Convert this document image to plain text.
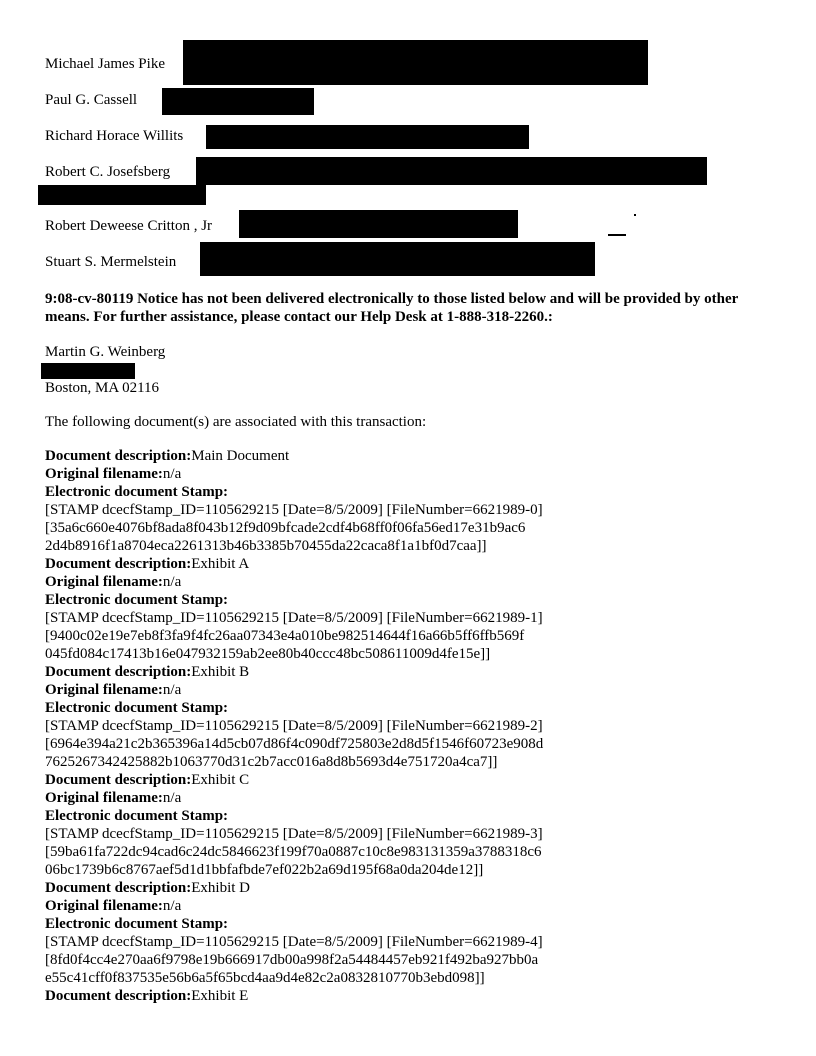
Michael James Pike
Paul G. Cassell
Richard Horace Willits
Robert C. Josefsberg
Robert Deweese Critton , Jr
Stuart S. Mermelstein
9:08-cv-80119 Notice has not been delivered electronically to those listed below and will be provided by other means. For further assistance, please contact our Help Desk at 1-888-318-2260.:
Martin G. Weinberg
Boston, MA 02116
The following document(s) are associated with this transaction:
Document description:Main Document
Original filename:n/a
Electronic document Stamp:
[STAMP dcecfStamp_ID=1105629215 [Date=8/5/2009] [FileNumber=6621989-0]
[35a6c660e4076bf8ada8f043b12f9d09bfcade2cdf4b68ff0f06fa56ed17e31b9ac6
2d4b8916f1a8704eca2261313b46b3385b70455da22caca8f1a1bf0d7caa]]
Document description:Exhibit A
Original filename:n/a
Electronic document Stamp:
[STAMP dcecfStamp_ID=1105629215 [Date=8/5/2009] [FileNumber=6621989-1]
[9400c02e19e7eb8f3fa9f4fc26aa07343e4a010be982514644f16a66b5ff6ffb569f
045fd084c17413b16e047932159ab2ee80b40ccc48bc508611009d4fe15e]]
Document description:Exhibit B
Original filename:n/a
Electronic document Stamp:
[STAMP dcecfStamp_ID=1105629215 [Date=8/5/2009] [FileNumber=6621989-2]
[6964e394a21c2b365396a14d5cb07d86f4c090df725803e2d8d5f1546f60723e908d
7625267342425882b1063770d31c2b7acc016a8d8b5693d4e751720a4ca7]]
Document description:Exhibit C
Original filename:n/a
Electronic document Stamp:
[STAMP dcecfStamp_ID=1105629215 [Date=8/5/2009] [FileNumber=6621989-3]
[59ba61fa722dc94cad6c24dc5846623f199f70a0887c10c8e983131359a3788318c6
06bc1739b6c8767aef5d1d1bbfafbde7ef022b2a69d195f68a0da204de12]]
Document description:Exhibit D
Original filename:n/a
Electronic document Stamp:
[STAMP dcecfStamp_ID=1105629215 [Date=8/5/2009] [FileNumber=6621989-4]
[8fd0f4cc4e270aa6f9798e19b666917db00a998f2a54484457eb921f492ba927bb0a
e55c41cff0f837535e56b6a5f65bcd4aa9d4e82c2a0832810770b3ebd098]]
Document description:Exhibit E
